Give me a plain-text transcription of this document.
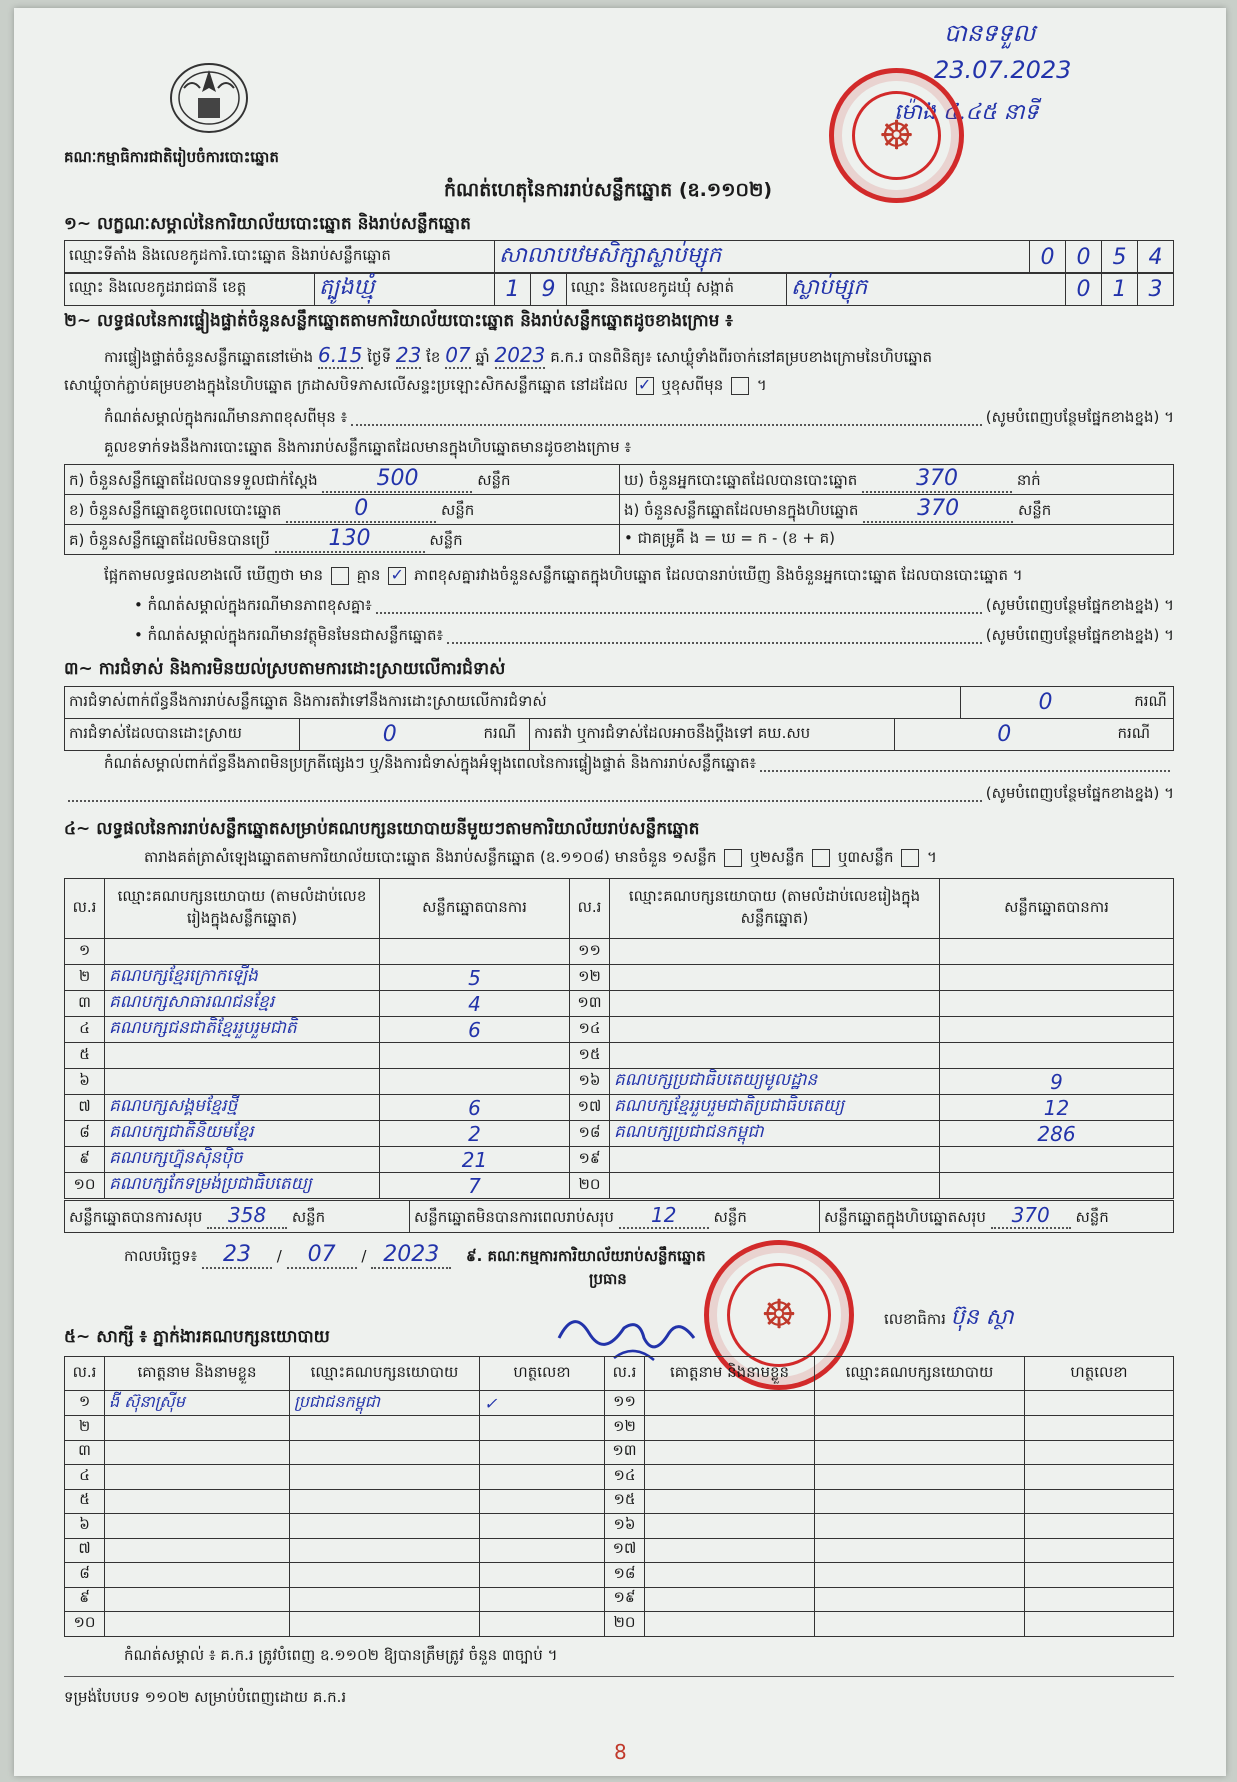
គណៈកម្មាធិការជាតិរៀបចំការបោះឆ្នោត
កំណត់ហេតុនៃការរាប់សន្លឹកឆ្នោត (ឧ.១១០២)
បានទទួល
23.07.2023
ម៉ោង ៤.៤៥ នាទី
☸
១~ លក្ខណៈសម្គាល់នៃការិយាល័យបោះឆ្នោត និងរាប់សន្លឹកឆ្នោត
ឈ្មោះទីតាំង និងលេខកូដការិ.បោះឆ្នោត និងរាប់សន្លឹកឆ្នោត	សាលាបឋមសិក្សាស្លាប់ម្សុក	0	0	5	4
ឈ្មោះ និងលេខកូដរាជធានី ខេត្ត	ត្បូងឃ្មុំ	1	9	ឈ្មោះ និងលេខកូដឃុំ សង្កាត់	ស្លាប់ម្សុក	0	1	3
២~ លទ្ធផលនៃការផ្ទៀងផ្ទាត់ចំនួនសន្លឹកឆ្នោតតាមការិយាល័យបោះឆ្នោត និងរាប់សន្លឹកឆ្នោតដូចខាងក្រោម ៖
ការផ្ទៀងផ្ទាត់ចំនួនសន្លឹកឆ្នោតនៅម៉ោង 6.15 ថ្ងៃទី 23 ខែ 07 ឆ្នាំ 2023 គ.ក.រ បានពិនិត្យ៖ សោឃ្លុំទាំងពីរចាក់នៅគម្របខាងក្រោមនៃហិបឆ្នោត
សោឃ្លុំចាក់ភ្ជាប់គម្របខាងក្នុងនៃហិបឆ្នោត ក្រដាសបិទភាសលើសន្ទះប្រឡោះសិកសន្លឹកឆ្នោត នៅដដែល ✓ ឬខុសពីមុន  ។
កំណត់សម្គាល់ក្នុងករណីមានភាពខុសពីមុន ៖	(សូមបំពេញបន្ថែមផ្នែកខាងខ្នង) ។
គួលខទាក់ទងនឹងការបោះឆ្នោត និងការរាប់សន្លឹកឆ្នោតដែលមានក្នុងហិបឆ្នោតមានដូចខាងក្រោម ៖
ក) ចំនួនសន្លឹកឆ្នោតដែលបានទទួលជាក់ស្តែង 500 សន្លឹក	ឃ) ចំនួនអ្នកបោះឆ្នោតដែលបានបោះឆ្នោត 370 នាក់
ខ) ចំនួនសន្លឹកឆ្នោតខូចពេលបោះឆ្នោត 0 សន្លឹក	ង) ចំនួនសន្លឹកឆ្នោតដែលមានក្នុងហិបឆ្នោត 370 សន្លឹក
គ) ចំនួនសន្លឹកឆ្នោតដែលមិនបានប្រើ 130 សន្លឹក	• ជាគម្រូគឺ ង = ឃ = ក - (ខ + គ)
ផ្អែកតាមលទ្ធផលខាងលើ ឃើញថា មាន គ្មាន ✓ ភាពខុសគ្នារវាងចំនួនសន្លឹកឆ្នោតក្នុងហិបឆ្នោត ដែលបានរាប់ឃើញ និងចំនួនអ្នកបោះឆ្នោត ដែលបានបោះឆ្នោត ។
• កំណត់សម្គាល់ក្នុងករណីមានភាពខុសគ្នា៖	(សូមបំពេញបន្ថែមផ្នែកខាងខ្នង) ។
• កំណត់សម្គាល់ក្នុងករណីមានវត្ថុមិនមែនជាសន្លឹកឆ្នោត៖	(សូមបំពេញបន្ថែមផ្នែកខាងខ្នង) ។
៣~ ការជំទាស់ និងការមិនយល់ស្របតាមការដោះស្រាយលើការជំទាស់
ការជំទាស់ពាក់ព័ន្ធនឹងការរាប់សន្លឹកឆ្នោត និងការតវ៉ាទៅនឹងការដោះស្រាយលើការជំទាស់	0	ករណី
ការជំទាស់ដែលបានដោះស្រាយ	0	ករណី	ការតវ៉ា ឬការជំទាស់ដែលអាចនឹងប្តឹងទៅ គឃ.សប	0	ករណី
កំណត់សម្គាល់ពាក់ព័ន្ធនឹងភាពមិនប្រក្រតីផ្សេងៗ ឬ/និងការជំទាស់ក្នុងអំឡុងពេលនៃការផ្ទៀងផ្ទាត់ និងការរាប់សន្លឹកឆ្នោត៖
(សូមបំពេញបន្ថែមផ្នែកខាងខ្នង) ។
៤~ លទ្ធផលនៃការរាប់សន្លឹកឆ្នោតសម្រាប់គណបក្សនយោបាយនីមួយៗតាមការិយាល័យរាប់សន្លឹកឆ្នោត
តារាងគត់ត្រាសំឡេងឆ្នោតតាមការិយាល័យបោះឆ្នោត និងរាប់សន្លឹកឆ្នោត (ឧ.១១០៨) មានចំនួន ១សន្លឹក ឬ២សន្លឹក ឬ៣សន្លឹក  ។
ល.រ	ឈ្មោះគណបក្សនយោបាយ (តាមលំដាប់លេខរៀងក្នុងសន្លឹកឆ្នោត)	សន្លឹកឆ្នោតបានការ	ល.រ	ឈ្មោះគណបក្សនយោបាយ (តាមលំដាប់លេខរៀងក្នុងសន្លឹកឆ្នោត)	សន្លឹកឆ្នោតបានការ
១			១១		
២	គណបក្សខ្មែរក្រោកឡើង	5	១២		
៣	គណបក្សសាធារណជនខ្មែរ	4	១៣		
៤	គណបក្សជនជាតិខ្មែររួបរួមជាតិ	6	១៤		
៥			១៥		
៦			១៦	គណបក្សប្រជាធិបតេយ្យមូលដ្ឋាន	9
៧	គណបក្សសង្គមខ្មែរថ្មី	6	១៧	គណបក្សខ្មែររួបរួមជាតិប្រជាធិបតេយ្យ	12
៨	គណបក្សជាតិនិយមខ្មែរ	2	១៨	គណបក្សប្រជាជនកម្ពុជា	286
៩	គណបក្សហ្វ៊ុនស៊ិនប៉ិច	21	១៩		
១០	គណបក្សកែទម្រង់ប្រជាធិបតេយ្យ	7	២០		
សន្លឹកឆ្នោតបានការសរុប 358 សន្លឹក	សន្លឹកឆ្នោតមិនបានការពេលរាប់សរុប 12 សន្លឹក	សន្លឹកឆ្នោតក្នុងហិបឆ្នោតសរុប 370 សន្លឹក
កាលបរិច្ឆេទ៖ 23 / 07 / 2023 ៩. គណៈកម្មការការិយាល័យរាប់សន្លឹកឆ្នោត
ប្រធាន
☸	លេខាធិការ ប៊ុន ស្ថា
៥~ សាក្សី ៖ ភ្នាក់ងារគណបក្សនយោបាយ
ល.រ	គោត្តនាម និងនាមខ្លួន	ឈ្មោះគណបក្សនយោបាយ	ហត្ថលេខា	ល.រ	គោត្តនាម និងនាមខ្លួន	ឈ្មោះគណបក្សនយោបាយ	ហត្ថលេខា
១	ងី ស៊ុនាស្រ៊ីម	ប្រជាជនកម្ពុជា	✓	១១			
២				១២			
៣				១៣			
៤				១៤			
៥				១៥			
៦				១៦			
៧				១៧			
៨				១៨			
៩				១៩			
១០				២០			
កំណត់សម្គាល់ ៖ គ.ក.រ ត្រូវបំពេញ ឧ.១១០២ ឱ្យបានត្រឹមត្រូវ ចំនួន ៣ច្បាប់ ។
ទម្រង់បែបបទ ១១០២ សម្រាប់បំពេញដោយ គ.ក.រ
8
